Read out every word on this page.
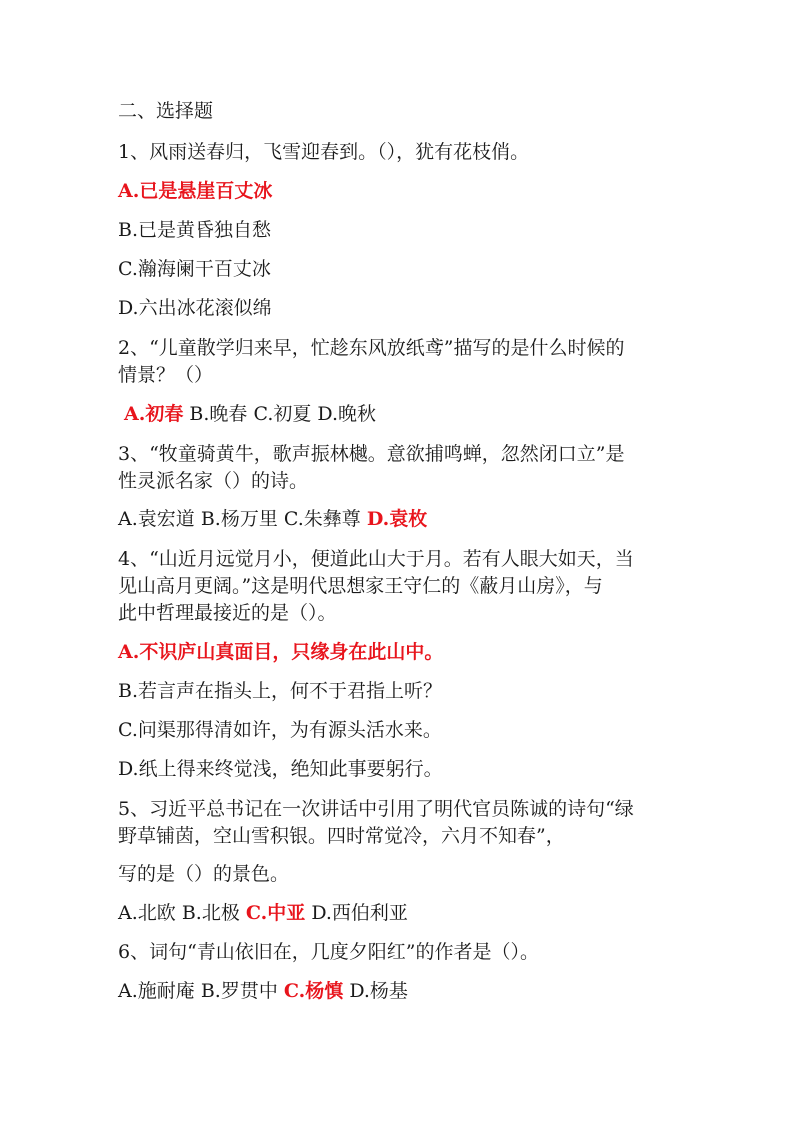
二、选择题
1、风雨送春归，飞雪迎春到。（），犹有花枝俏。
A.已是悬崖百丈冰
B.已是黄昏独自愁
C.瀚海阑干百丈冰
D.六出冰花滚似绵
2、“儿童散学归来早，忙趁东风放纸鸢”描写的是什么时候的
情景？（）
A.初春 B.晚春 C.初夏 D.晚秋
3、“牧童骑黄牛，歌声振林樾。意欲捕鸣蝉，忽然闭口立”是
性灵派名家（）的诗。
A.袁宏道 B.杨万里 C.朱彝尊 D.袁枚
4、“山近月远觉月小，便道此山大于月。若有人眼大如天，当
见山高月更阔。”这是明代思想家王守仁的《蔽月山房》，与
此中哲理最接近的是（）。
A.不识庐山真面目，只缘身在此山中。
B.若言声在指头上，何不于君指上听？
C.问渠那得清如许，为有源头活水来。
D.纸上得来终觉浅，绝知此事要躬行。
5、习近平总书记在一次讲话中引用了明代官员陈诚的诗句“绿
野草铺茵，空山雪积银。四时常觉冷，六月不知春”，
写的是（）的景色。
A.北欧 B.北极 C.中亚 D.西伯利亚
6、词句“青山依旧在，几度夕阳红”的作者是（）。
A.施耐庵 B.罗贯中 C.杨慎 D.杨基
